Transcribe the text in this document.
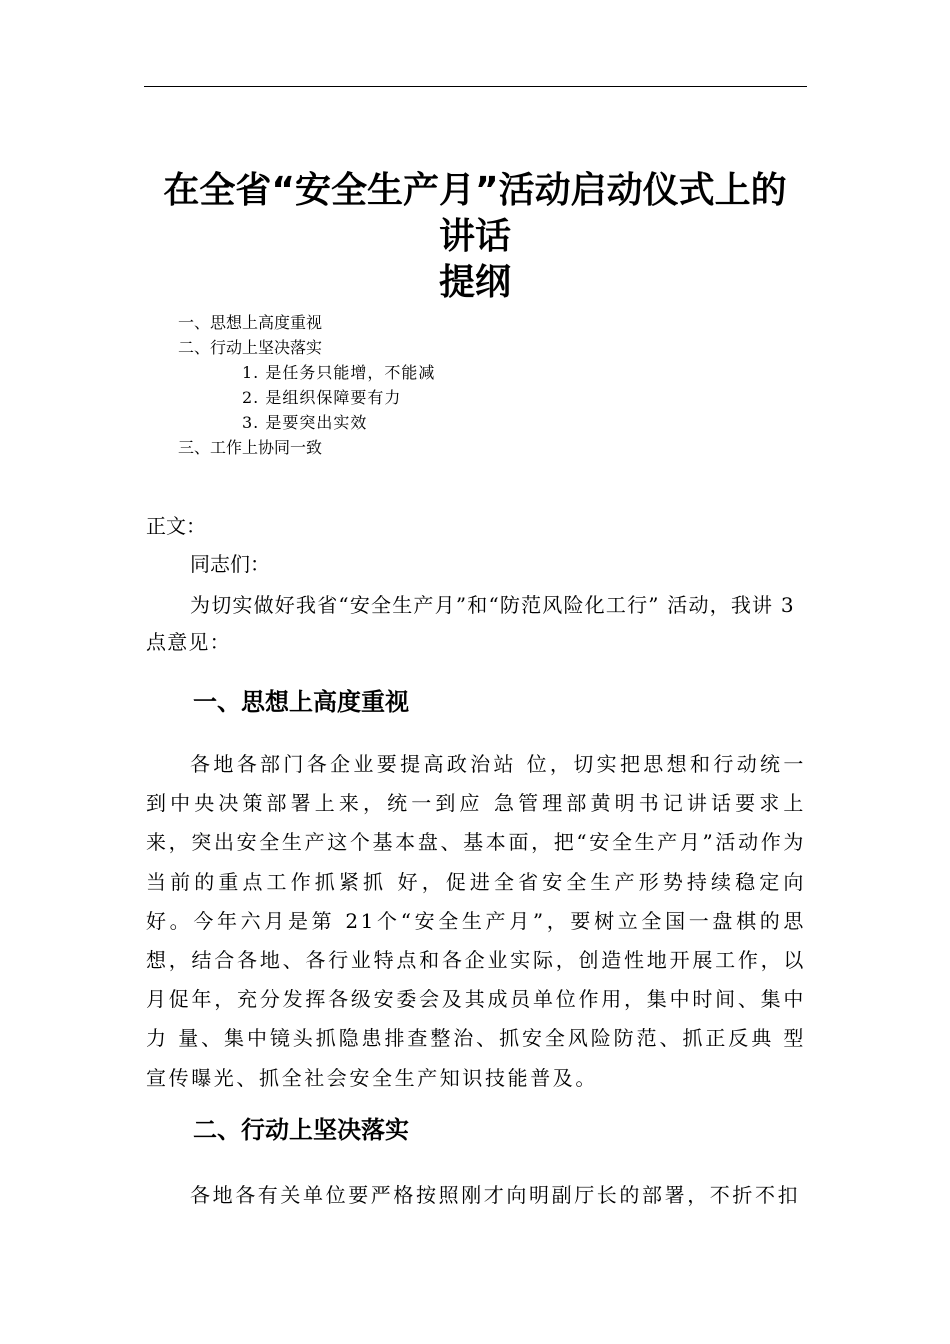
在全省“安全生产月”活动启动仪式上的
讲话
提纲
一、思想上高度重视
二、行动上坚决落实
1. 是任务只能增，不能减
2. 是组织保障要有力
3. 是要突出实效
三、工作上协同一致
正文：
同志们：
为切实做好我省“安全生产月”和“防范风险化工行” 活动，我讲 3 点意见：
一、思想上高度重视
各地各部门各企业要提高政治站 位，切实把思想和行动统一到中央决策部署上来，统一到应 急管理部黄明书记讲话要求上来，突出安全生产这个基本盘、基本面，把“安全生产月”活动作为当前的重点工作抓紧抓 好，促进全省安全生产形势持续稳定向好。今年六月是第 21个“安全生产月”，要树立全国一盘棋的思想，结合各地、各行业特点和各企业实际，创造性地开展工作，以月促年，充分发挥各级安委会及其成员单位作用，集中时间、集中力 量、集中镜头抓隐患排查整治、抓安全风险防范、抓正反典 型宣传曝光、抓全社会安全生产知识技能普及。
二、行动上坚决落实
各地各有关单位要严格按照刚才向明副厅长的部署，不折不扣
